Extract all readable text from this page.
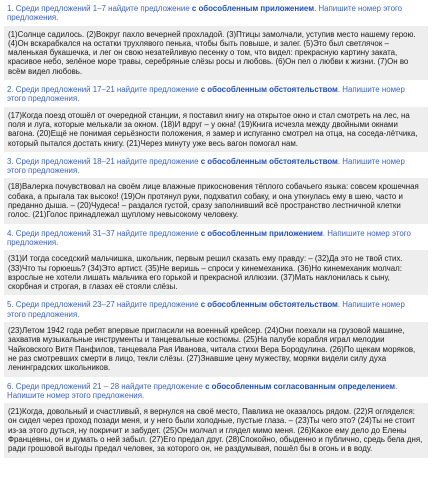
1. Среди предложений 1–7 найдите предложение с обособленным приложением. Напишите номер этого предложения.
(1)Солнце садилось. (2)Вокруг пахло вечерней прохладой. (3)Птицы замолчали, уступив место нашему герою. (4)Он вскарабкался на остатки трухлявого пенька, чтобы быть повыше, и залег. (5)Это был светлячок – маленькая букашечка, и лег он свою незатейливую песенку о том, что видел: прекрасную картину заката, красивое небо, зелёное море травы, серебряные слёзы росы и любовь. (6)Он пел о любви к жизни. (7)Он во всём видел любовь.
2. Среди предложений 17–21 найдите предложение с обособленным обстоятельством. Напишите номер этого предложения.
(17)Когда поезд отошёл от очередной станции, я поставил книгу на открытое окно и стал смотреть на лес, на поля и луга, которые мелькали за окном. (18)И вдруг – у окна! (19)Книга исчезла между двойными окнами вагона. (20)Ещё не понимая серьёзности положения, я замер и испуганно смотрел на отца, на соседа-лётчика, который пытался достать книгу. (21)Через минуту уже весь вагон помогал нам.
3. Среди предложений 18–21 найдите предложение с обособленным обстоятельством. Напишите номер этого предложения.
(18)Валерка почувствовал на своём лице влажные прикосновения тёплого собачьего языка: совсем крошечная собака, а прыгала так высоко! (19)Он протянул руки, подхватил собаку, и она уткнулась ему в шею, часто и преданно дыша. – (20)Чудеса! – раздался густой, сразу заполнивший всё пространство лестничной клетки голос. (21)Голос принадлежал щуплому невысокому человеку.
4. Среди предложений 31–37 найдите предложение с обособленным приложением. Напишите номер этого предложения.
(31)И тогда соседский мальчишка, школьник, первым решил сказать ему правду: – (32)Да это не твой стих. (33)Что ты горюешь? (34)Это артист. (35)Не веришь – спроси у кинемеханика. (36)Но кинемеханик молчал: взрослые не хотели лишать мальчика его горькой и прекрасной иллюзии. (37)Мать наклонилась к сыну, скорбная и строгая, в глазах её стояли слёзы.
5. Среди предложений 23–27 найдите предложение с обособленным обстоятельством. Напишите номер этого предложения.
(23)Летом 1942 года ребят впервые пригласили на военный крейсер. (24)Они поехали на грузовой машине, захватив музыкальные инструменты и танцевальные костюмы. (25)На палубе корабля играл мелодии Чайковского Витя Панфилов, танцевала Рая Иванова, читала стихи Вера Бородулина. (26)По щекам моряков, не раз смотревших смерти в лицо, текли слёзы. (27)Знавшие цену мужеству, моряки видели силу духа ленинградских школьников.
6. Среди предложений 21 – 28 найдите предложение с обособленным согласованным определением. Напишите номер этого предложения.
(21)Когда, довольный и счастливый, я вернулся на своё место, Павлика не оказалось рядом. (22)Я огляделся: он сидел через проход позади меня, и у него были холодные, пустые глаза. – (23)Ты чего это? (24)Ты не стоит из-за этого дуться, ну покричит и забудет. (25)Он молчал и глядел мимо меня. (26)Какое ему дело до Елены Францевны, он и думать о ней забыл. (27)Его предал друг. (28)Спокойно, обыденно и публично, средь бела дня, ради грошовой выгоды предал человек, за которого он, не раздумывая, пошёл бы в огонь и в воду.
